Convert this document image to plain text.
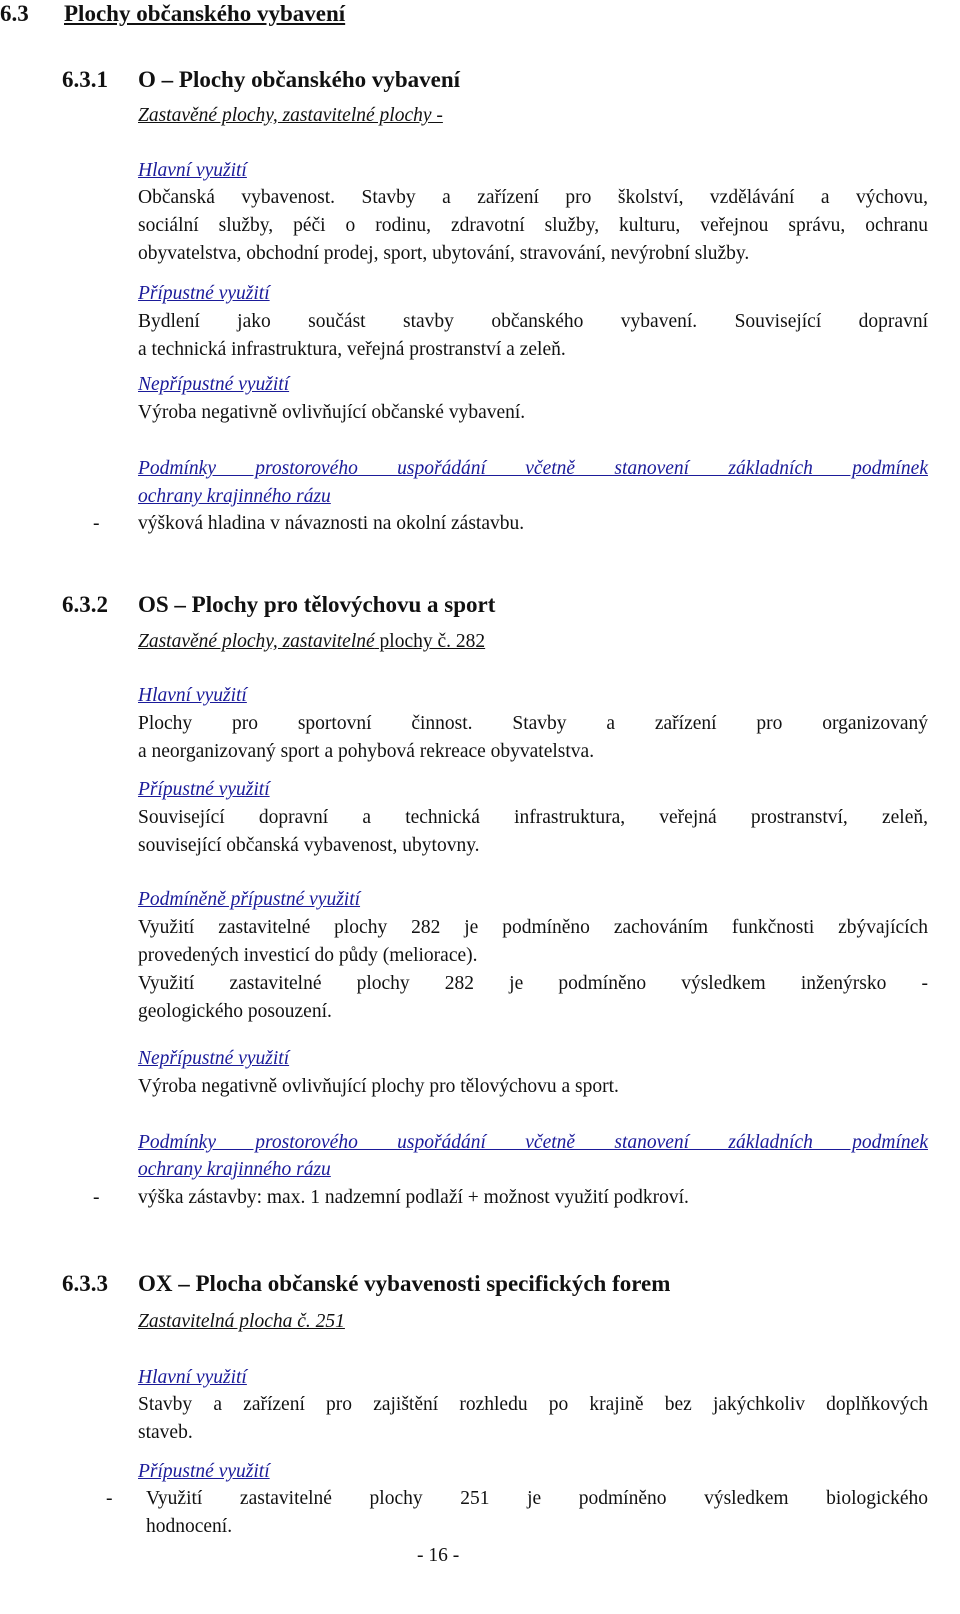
6.3 Plochy občanského vybavení
6.3.1 O – Plochy občanského vybavení
Zastavěné plochy, zastavitelné plochy -
Hlavní využití
Občanská vybavenost. Stavby a zařízení pro školství, vzdělávání a výchovu,
sociální služby, péči o rodinu, zdravotní služby, kulturu, veřejnou správu, ochranu
obyvatelstva, obchodní prodej, sport, ubytování, stravování, nevýrobní služby.
Přípustné využití
Bydlení jako součást stavby občanského vybavení. Související dopravní
a technická infrastruktura, veřejná prostranství a zeleň.
Nepřípustné využití
Výroba negativně ovlivňující občanské vybavení.
Podmínky prostorového uspořádání včetně stanovení základních podmínek
ochrany krajinného rázu
- výšková hladina v návaznosti na okolní zástavbu.
6.3.2 OS – Plochy pro tělovýchovu a sport
Zastavěné plochy, zastavitelné plochy č. 282
Hlavní využití
Plochy pro sportovní činnost. Stavby a zařízení pro organizovaný
a neorganizovaný sport a pohybová rekreace obyvatelstva.
Přípustné využití
Související dopravní a technická infrastruktura, veřejná prostranství, zeleň,
související občanská vybavenost, ubytovny.
Podmíněně přípustné využití
Využití zastavitelné plochy 282 je podmíněno zachováním funkčnosti zbývajících
provedených investicí do půdy (meliorace).
Využití zastavitelné plochy 282 je podmíněno výsledkem inženýrsko -
geologického posouzení.
Nepřípustné využití
Výroba negativně ovlivňující plochy pro tělovýchovu a sport.
Podmínky prostorového uspořádání včetně stanovení základních podmínek
ochrany krajinného rázu
- výška zástavby: max. 1 nadzemní podlaží + možnost využití podkroví.
6.3.3 OX – Plocha občanské vybavenosti specifických forem
Zastavitelná plocha č. 251
Hlavní využití
Stavby a zařízení pro zajištění rozhledu po krajině bez jakýchkoliv doplňkových
staveb.
Přípustné využití
- Využití zastavitelné plochy 251 je podmíněno výsledkem biologického
hodnocení.
- 16 -
